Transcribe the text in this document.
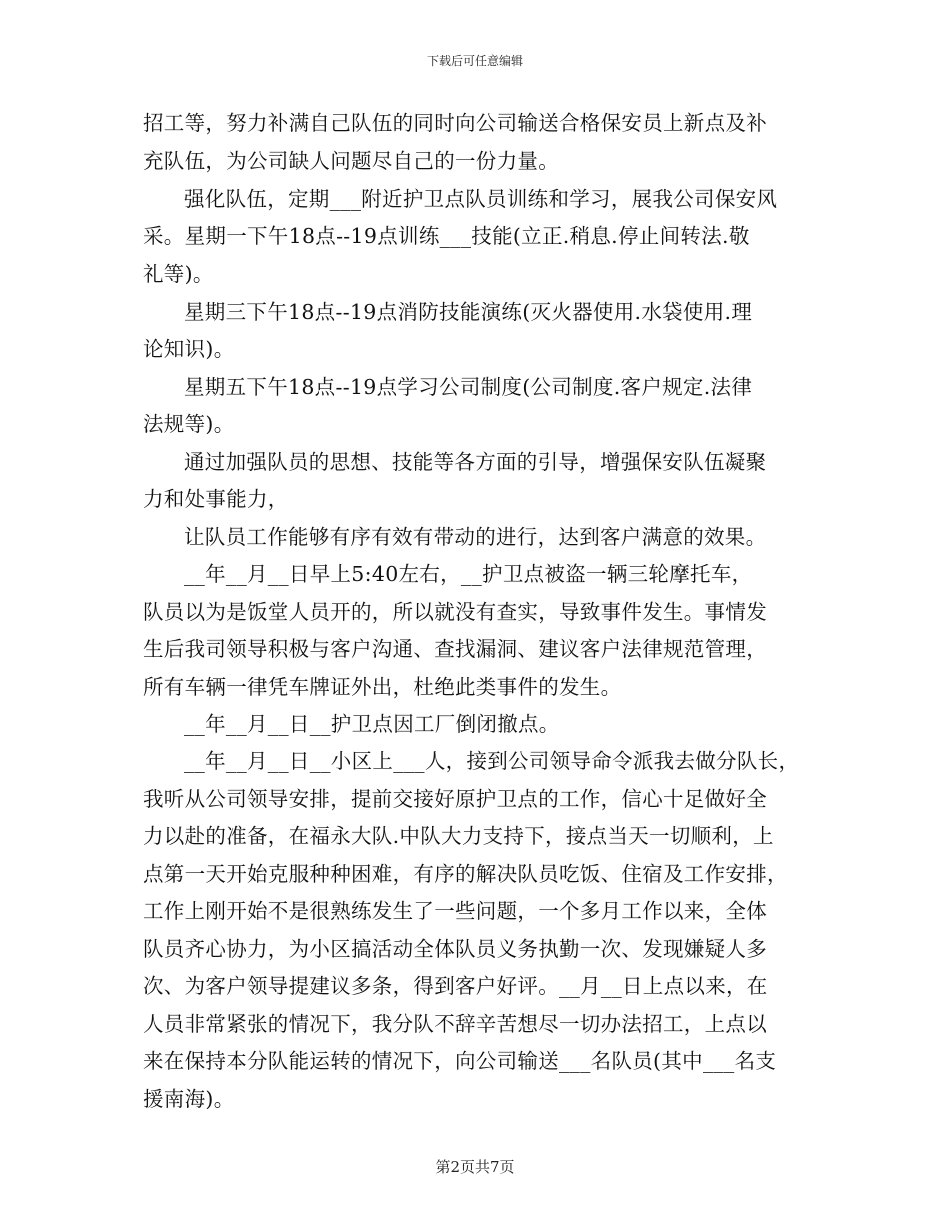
下载后可任意编辑
招工等，努力补满自己队伍的同时向公司输送合格保安员上新点及补
充队伍，为公司缺人问题尽自己的一份力量。
强化队伍，定期___附近护卫点队员训练和学习，展我公司保安风
采。星期一下午18点--19点训练___技能(立正.稍息.停止间转法.敬
礼等)。
星期三下午18点--19点消防技能演练(灭火器使用.水袋使用.理
论知识)。
星期五下午18点--19点学习公司制度(公司制度.客户规定.法律
法规等)。
通过加强队员的思想、技能等各方面的引导，增强保安队伍凝聚
力和处事能力，
让队员工作能够有序有效有带动的进行，达到客户满意的效果。
__年__月__日早上5:40左右，__护卫点被盗一辆三轮摩托车，
队员以为是饭堂人员开的，所以就没有查实，导致事件发生。事情发
生后我司领导积极与客户沟通、查找漏洞、建议客户法律规范管理，
所有车辆一律凭车牌证外出，杜绝此类事件的发生。
__年__月__日__护卫点因工厂倒闭撤点。
__年__月__日__小区上___人，接到公司领导命令派我去做分队长，
我听从公司领导安排，提前交接好原护卫点的工作，信心十足做好全
力以赴的准备，在福永大队.中队大力支持下，接点当天一切顺利，上
点第一天开始克服种种困难，有序的解决队员吃饭、住宿及工作安排，
工作上刚开始不是很熟练发生了一些问题，一个多月工作以来，全体
队员齐心协力，为小区搞活动全体队员义务执勤一次、发现嫌疑人多
次、为客户领导提建议多条，得到客户好评。__月__日上点以来，在
人员非常紧张的情况下，我分队不辞辛苦想尽一切办法招工，上点以
来在保持本分队能运转的情况下，向公司输送___名队员(其中___名支
援南海)。
第2页共7页
